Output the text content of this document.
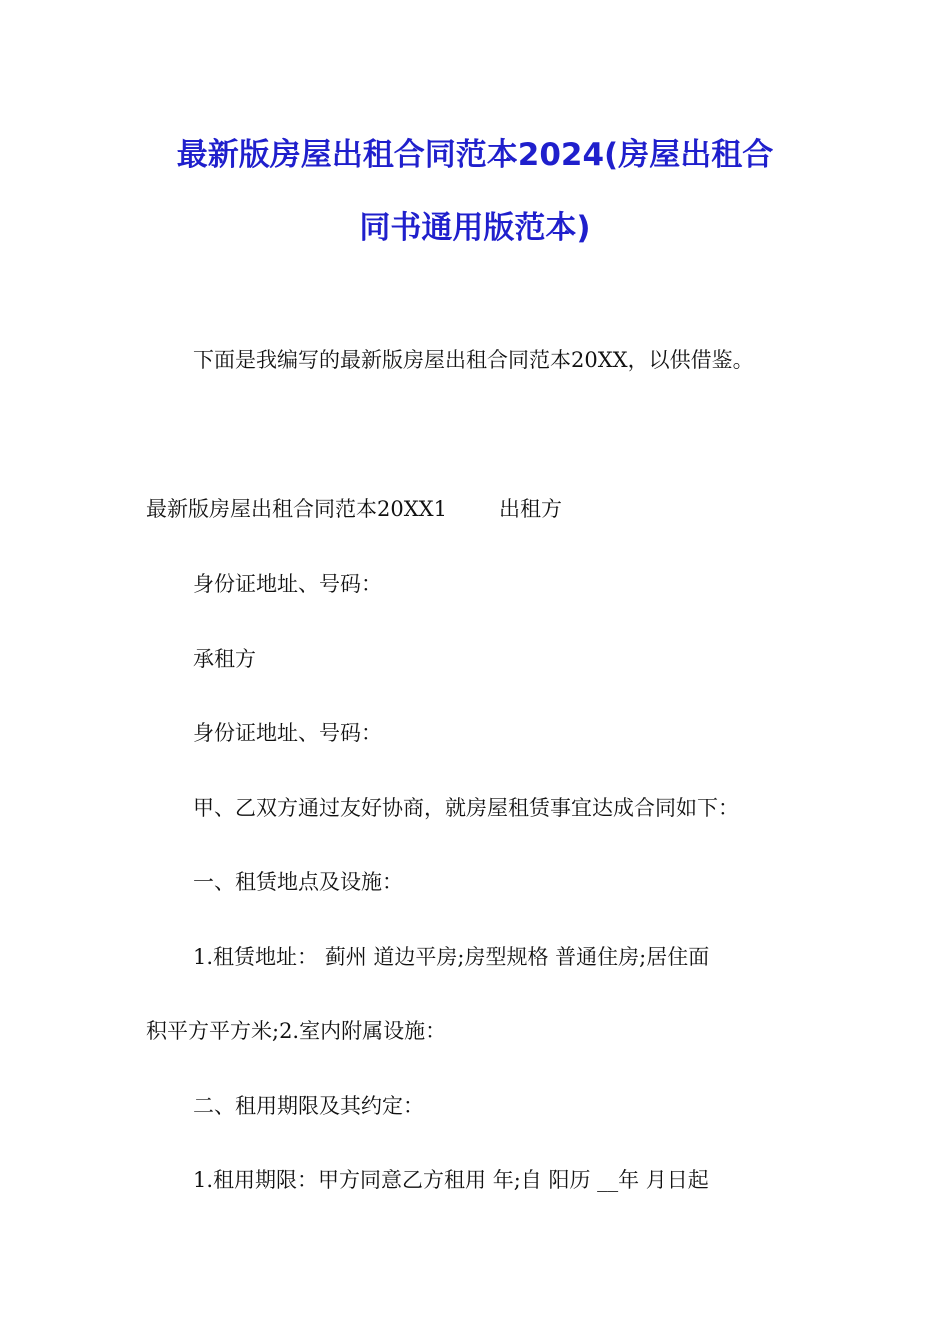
最新版房屋出租合同范本2024(房屋出租合
同书通用版范本)
下面是我编写的最新版房屋出租合同范本20XX，以供借鉴。
最新版房屋出租合同范本20XX1 出租方
身份证地址、号码：
承租方
身份证地址、号码：
甲、乙双方通过友好协商，就房屋租赁事宜达成合同如下：
一、租赁地点及设施：
1.租赁地址： 蓟州 道边平房;房型规格 普通住房;居住面
积平方平方米;2.室内附属设施：
二、租用期限及其约定：
1.租用期限：甲方同意乙方租用 年;自 阳历 __年 月日起
